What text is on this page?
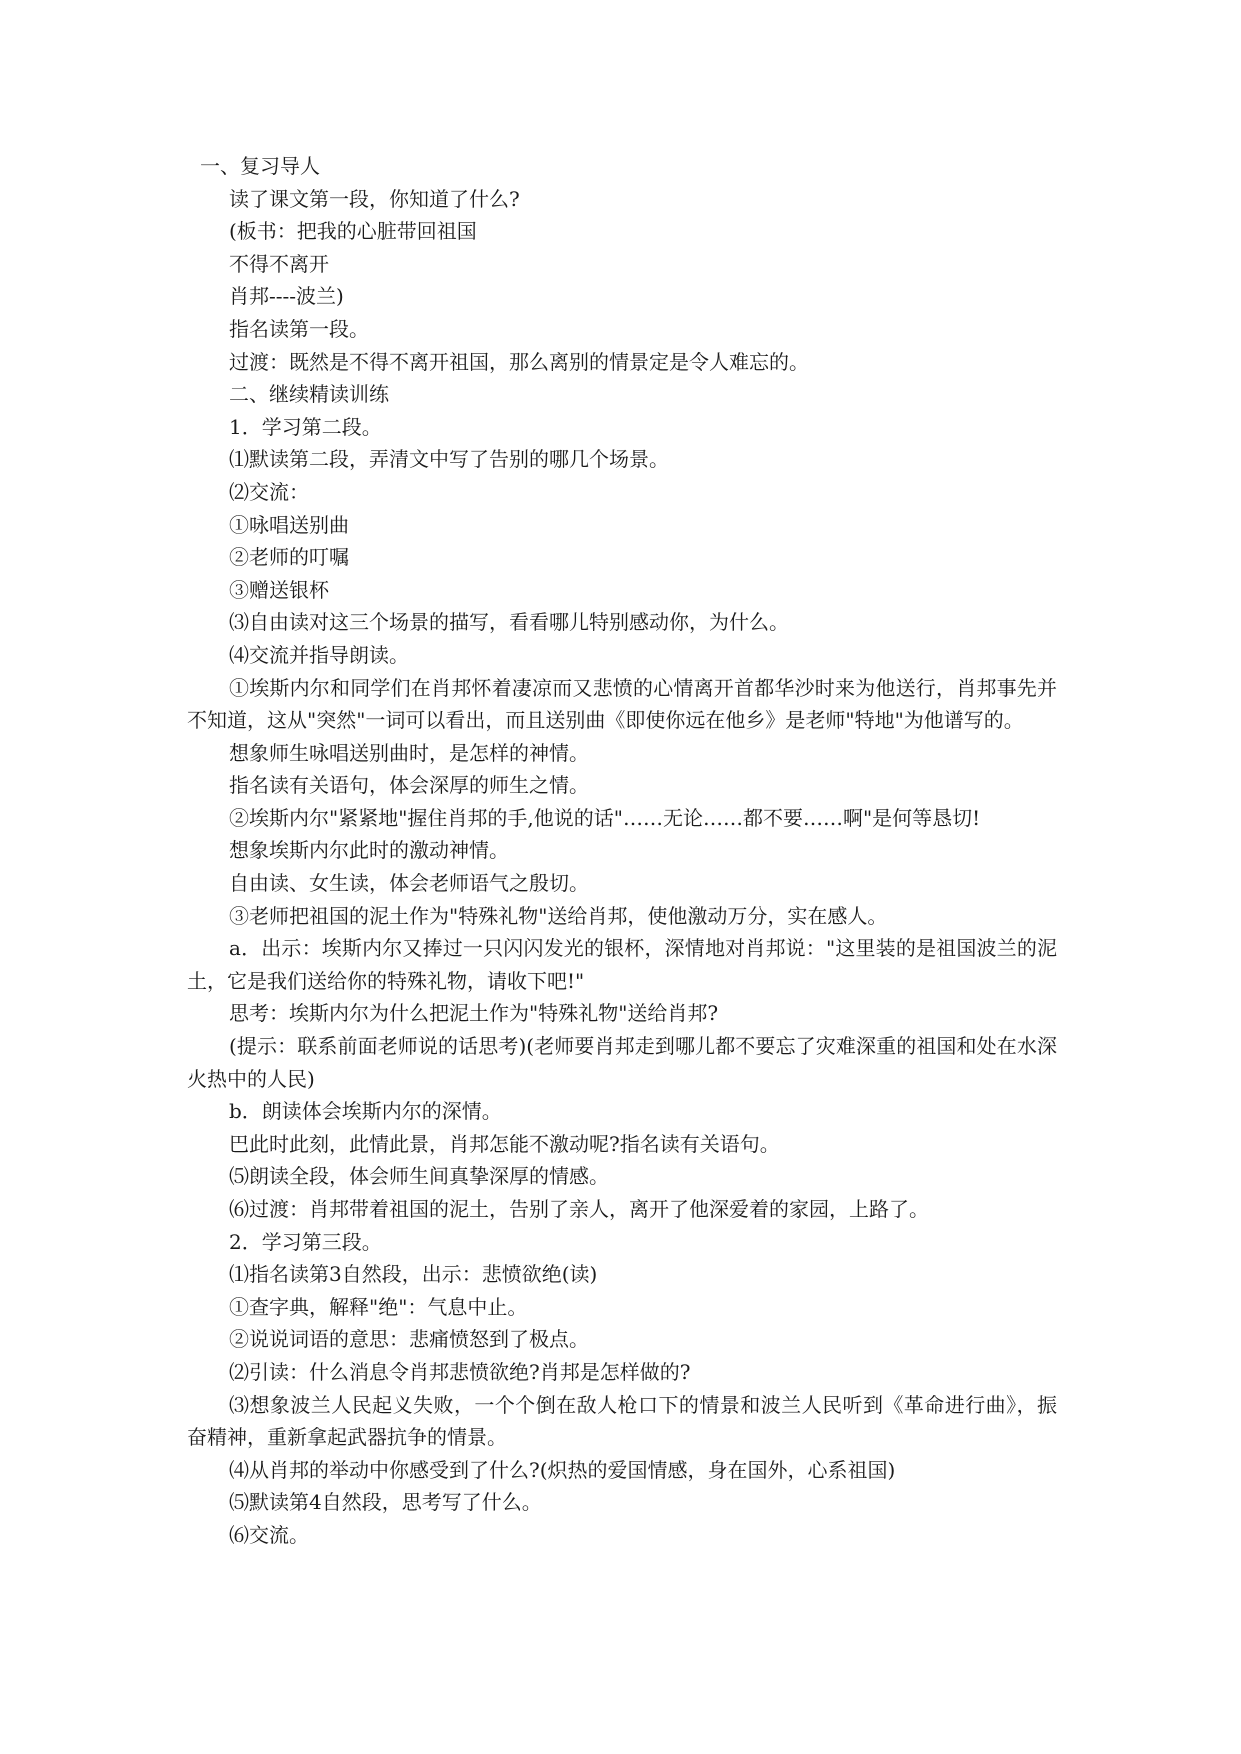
一、复习导人

读了课文第一段，你知道了什么?

(板书：把我的心脏带回祖国

不得不离开

肖邦----波兰)

指名读第一段。

过渡：既然是不得不离开祖国，那么离别的情景定是令人难忘的。

二、继续精读训练

1．学习第二段。

⑴默读第二段，弄清文中写了告别的哪几个场景。

⑵交流：

①咏唱送别曲

②老师的叮嘱

③赠送银杯

⑶自由读对这三个场景的描写，看看哪儿特别感动你，为什么。

⑷交流并指导朗读。

①埃斯内尔和同学们在肖邦怀着凄凉而又悲愤的心情离开首都华沙时来为他送行，肖邦事先并不知道，这从"突然"一词可以看出，而且送别曲《即使你远在他乡》是老师"特地"为他谱写的。

想象师生咏唱送别曲时，是怎样的神情。

指名读有关语句，体会深厚的师生之情。

②埃斯内尔"紧紧地"握住肖邦的手,他说的话"……无论……都不要……啊"是何等恳切!

想象埃斯内尔此时的激动神情。

自由读、女生读，体会老师语气之殷切。

③老师把祖国的泥土作为"特殊礼物"送给肖邦，使他激动万分，实在感人。

a．出示：埃斯内尔又捧过一只闪闪发光的银杯，深情地对肖邦说："这里装的是祖国波兰的泥土，它是我们送给你的特殊礼物，请收下吧!"

思考：埃斯内尔为什么把泥土作为"特殊礼物"送给肖邦?

(提示：联系前面老师说的话思考)(老师要肖邦走到哪儿都不要忘了灾难深重的祖国和处在水深火热中的人民)

b．朗读体会埃斯内尔的深情。

巴此时此刻，此情此景，肖邦怎能不激动呢?指名读有关语句。

⑸朗读全段，体会师生间真挚深厚的情感。

⑹过渡：肖邦带着祖国的泥土，告别了亲人，离开了他深爱着的家园，上路了。

2．学习第三段。

⑴指名读第3自然段，出示：悲愤欲绝(读)

①查字典，解释"绝"：气息中止。

②说说词语的意思：悲痛愤怒到了极点。

⑵引读：什么消息令肖邦悲愤欲绝?肖邦是怎样做的?

⑶想象波兰人民起义失败，一个个倒在敌人枪口下的情景和波兰人民听到《革命进行曲》，振奋精神，重新拿起武器抗争的情景。

⑷从肖邦的举动中你感受到了什么?(炽热的爱国情感，身在国外，心系祖国)

⑸默读第4自然段，思考写了什么。

⑹交流。
